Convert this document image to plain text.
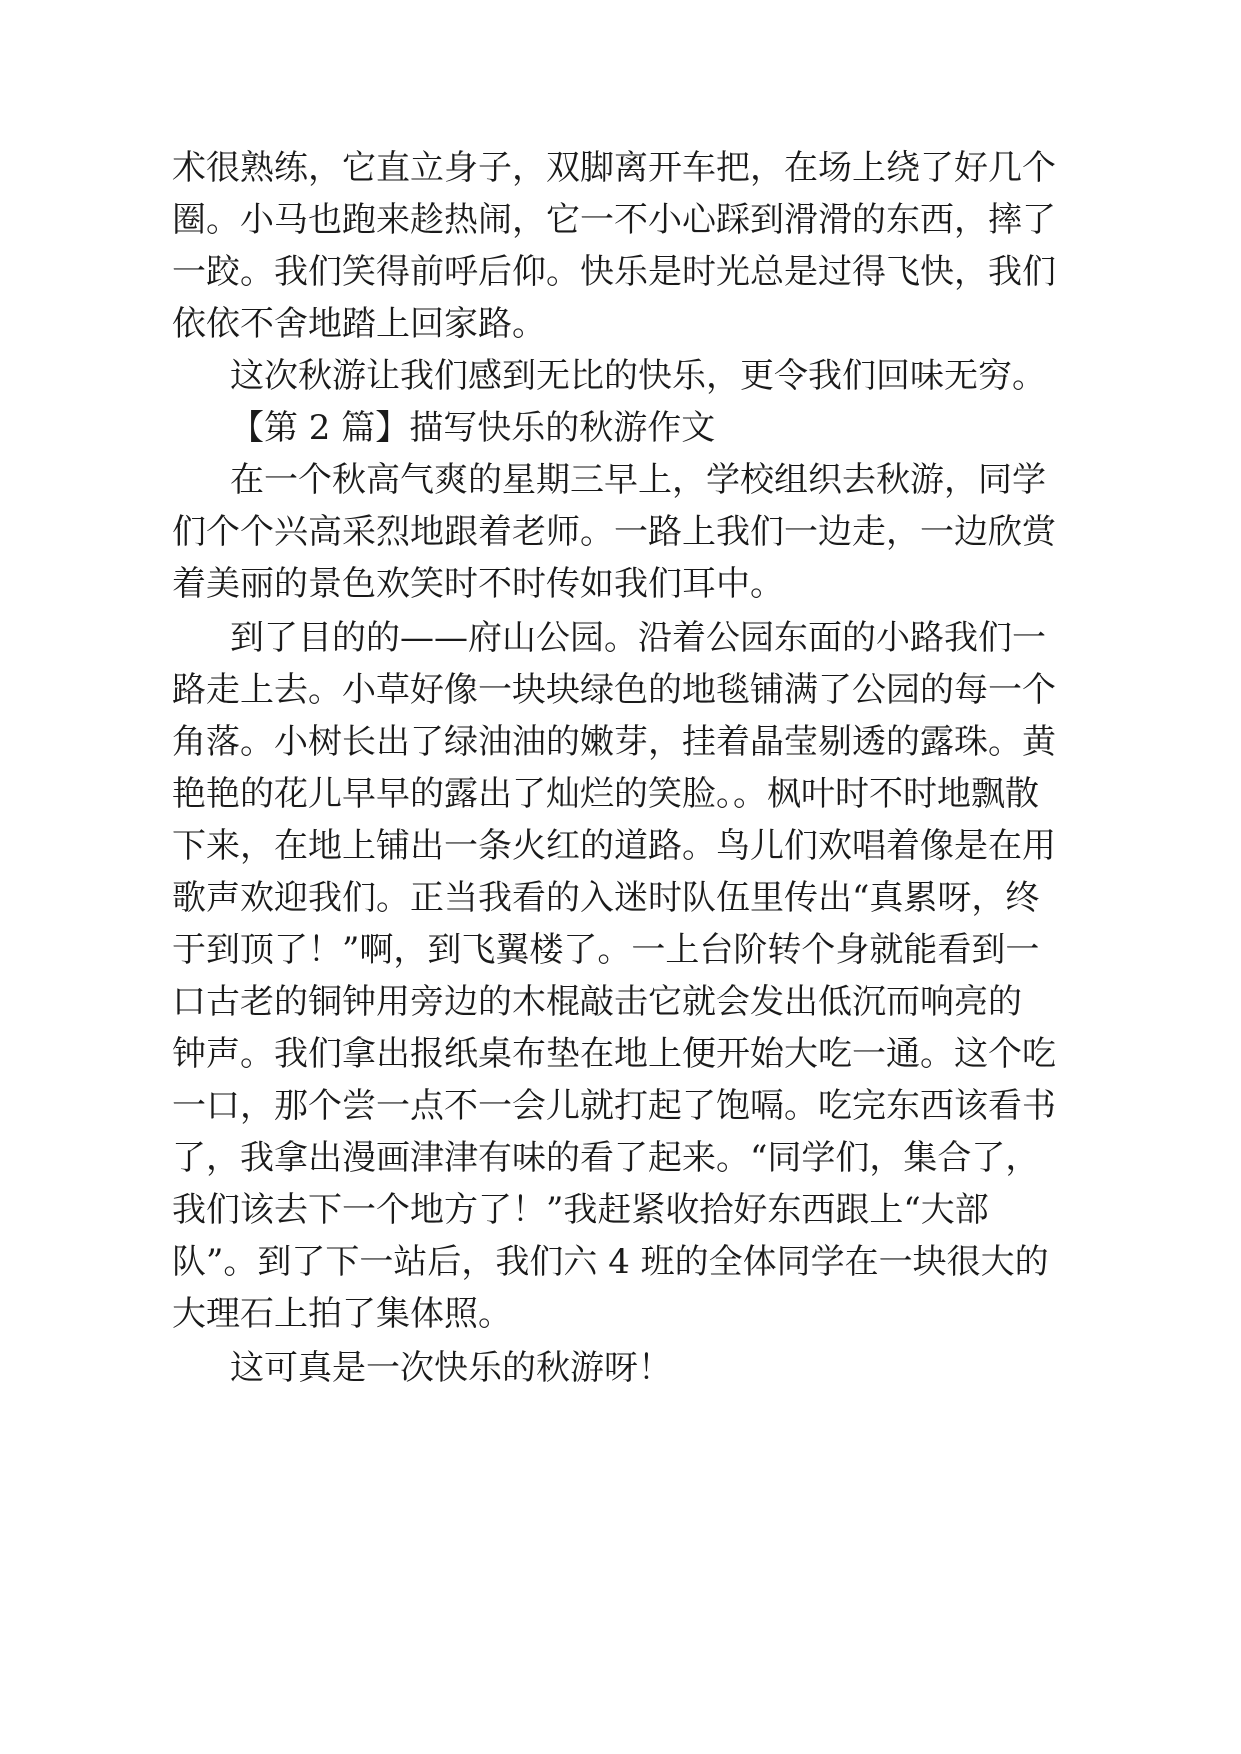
术很熟练，它直立身子，双脚离开车把，在场上绕了好几个
圈。小马也跑来趁热闹，它一不小心踩到滑滑的东西，摔了
一跤。我们笑得前呼后仰。快乐是时光总是过得飞快，我们
依依不舍地踏上回家路。
这次秋游让我们感到无比的快乐，更令我们回味无穷。
【第 2 篇】描写快乐的秋游作文
在一个秋高气爽的星期三早上，学校组织去秋游，同学
们个个兴高采烈地跟着老师。一路上我们一边走，一边欣赏
着美丽的景色欢笑时不时传如我们耳中。
到了目的的——府山公园。沿着公园东面的小路我们一
路走上去。小草好像一块块绿色的地毯铺满了公园的每一个
角落。小树长出了绿油油的嫩芽，挂着晶莹剔透的露珠。黄
艳艳的花儿早早的露出了灿烂的笑脸。。枫叶时不时地飘散
下来，在地上铺出一条火红的道路。鸟儿们欢唱着像是在用
歌声欢迎我们。正当我看的入迷时队伍里传出“真累呀，终
于到顶了！”啊，到飞翼楼了。一上台阶转个身就能看到一
口古老的铜钟用旁边的木棍敲击它就会发出低沉而响亮的
钟声。我们拿出报纸桌布垫在地上便开始大吃一通。这个吃
一口，那个尝一点不一会儿就打起了饱嗝。吃完东西该看书
了，我拿出漫画津津有味的看了起来。“同学们，集合了，
我们该去下一个地方了！”我赶紧收拾好东西跟上“大部
队”。到了下一站后，我们六 4 班的全体同学在一块很大的
大理石上拍了集体照。
这可真是一次快乐的秋游呀！
